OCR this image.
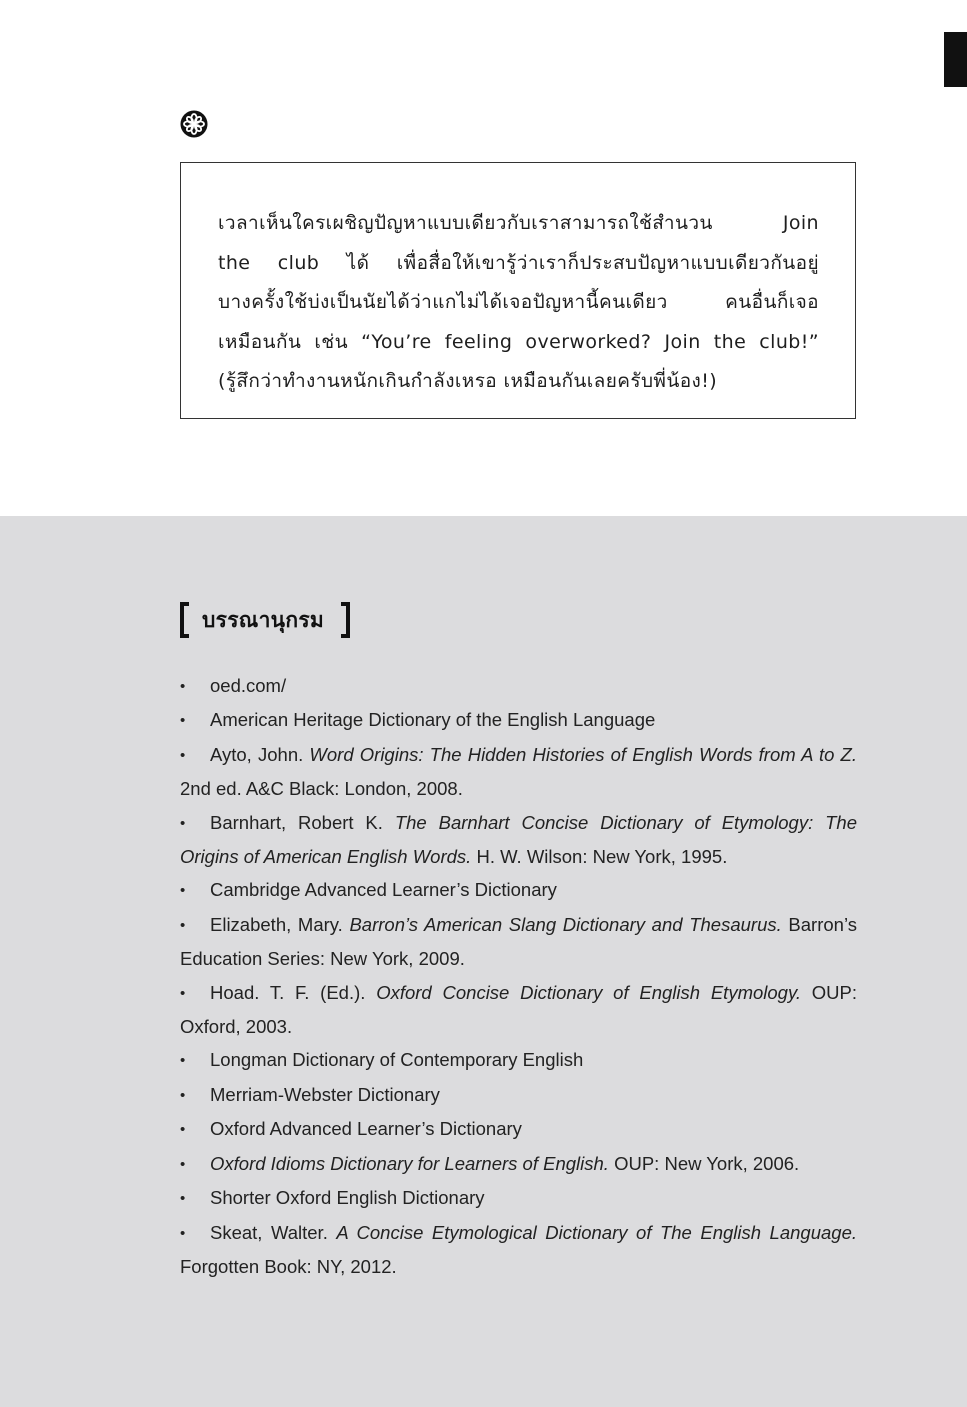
เวลาเห็นใครเผชิญปัญหาแบบเดียวกับเราสามารถใช้สำนวน Join

the club ได้ เพื่อสื่อให้เขารู้ว่าเราก็ประสบปัญหาแบบเดียวกันอยู่

บางครั้งใช้บ่งเป็นนัยได้ว่าแกไม่ได้เจอปัญหานี้คนเดียว คนอื่นก็เจอ

เหมือนกัน เช่น “You’re feeling overworked? Join the club!”

(รู้สึกว่าทำงานหนักเกินกำลังเหรอ เหมือนกันเลยครับพี่น้อง!)

บรรณานุกรม
• oed.com/
• American Heritage Dictionary of the English Language
• Ayto, John. Word Origins: The Hidden Histories of English Words from A to Z. 2nd ed. A&C Black: London, 2008.
• Barnhart, Robert K. The Barnhart Concise Dictionary of Etymology: The Origins of American English Words. H. W. Wilson: New York, 1995.
• Cambridge Advanced Learner’s Dictionary
• Elizabeth, Mary. Barron’s American Slang Dictionary and Thesaurus. Barron’s Education Series: New York, 2009.
• Hoad. T. F. (Ed.). Oxford Concise Dictionary of English Etymology. OUP: Oxford, 2003.
• Longman Dictionary of Contemporary English
• Merriam-Webster Dictionary
• Oxford Advanced Learner’s Dictionary
• Oxford Idioms Dictionary for Learners of English. OUP: New York, 2006.
• Shorter Oxford English Dictionary
• Skeat, Walter. A Concise Etymological Dictionary of The English Language. Forgotten Book: NY, 2012.
